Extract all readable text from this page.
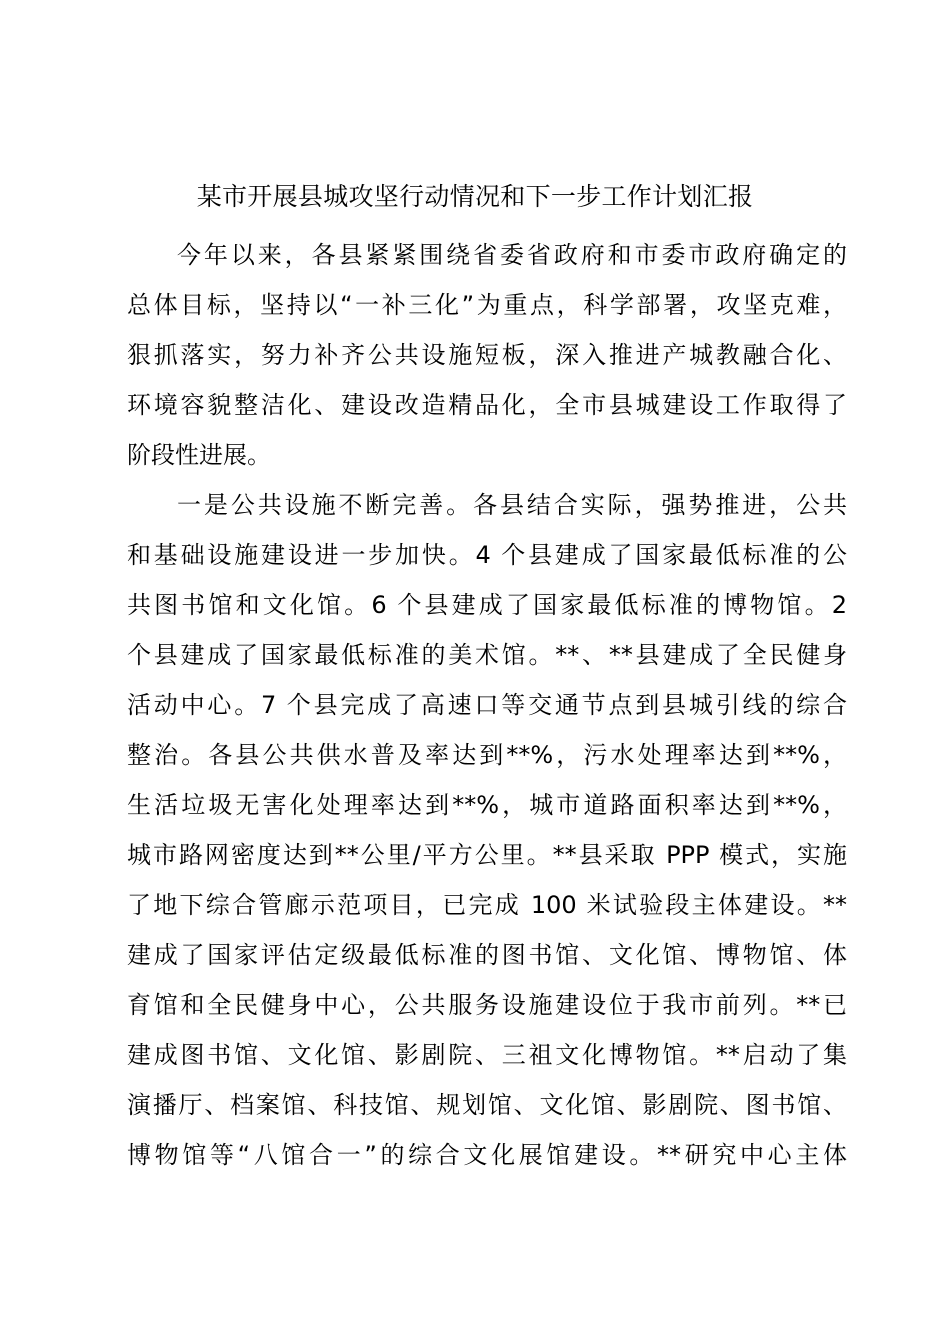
某市开展县城攻坚行动情况和下一步工作计划汇报
今年以来，各县紧紧围绕省委省政府和市委市政府确定的
总体目标，坚持以“一补三化”为重点，科学部署，攻坚克难，
狠抓落实，努力补齐公共设施短板，深入推进产城教融合化、
环境容貌整洁化、建设改造精品化，全市县城建设工作取得了
阶段性进展。
一是公共设施不断完善。各县结合实际，强势推进，公共
和基础设施建设进一步加快。4 个县建成了国家最低标准的公
共图书馆和文化馆。6 个县建成了国家最低标准的博物馆。2
个县建成了国家最低标准的美术馆。**、**县建成了全民健身
活动中心。7 个县完成了高速口等交通节点到县城引线的综合
整治。各县公共供水普及率达到**%，污水处理率达到**%，
生活垃圾无害化处理率达到**%，城市道路面积率达到**%，
城市路网密度达到**公里/平方公里。**县采取 PPP 模式，实施
了地下综合管廊示范项目，已完成 100 米试验段主体建设。**
建成了国家评估定级最低标准的图书馆、文化馆、博物馆、体
育馆和全民健身中心，公共服务设施建设位于我市前列。**已
建成图书馆、文化馆、影剧院、三祖文化博物馆。**启动了集
演播厅、档案馆、科技馆、规划馆、文化馆、影剧院、图书馆、
博物馆等“八馆合一”的综合文化展馆建设。**研究中心主体
